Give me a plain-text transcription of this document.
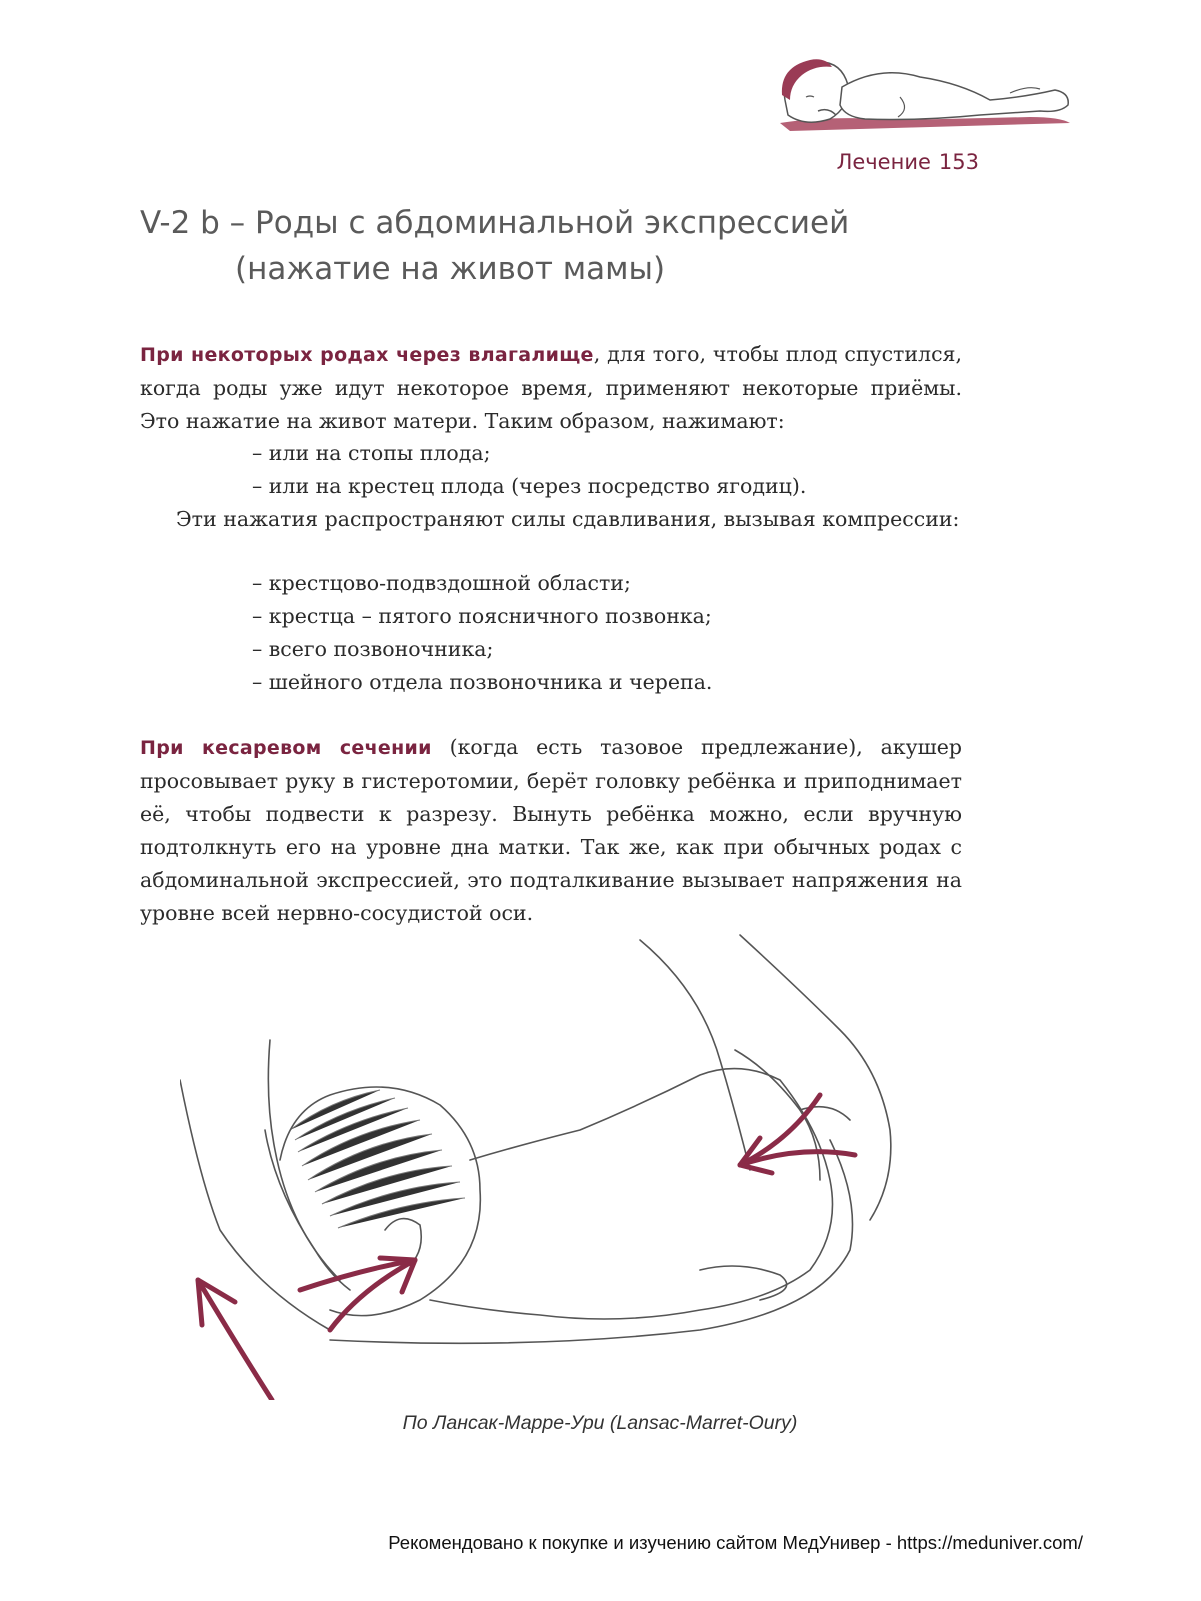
Лечение 153
V-2 b – Роды с абдоминальной экспрессией
(нажатие на живот мамы)

При некоторых родах через влагалище, для того, чтобы плод спустился, когда роды уже идут некоторое время, применяют некоторые приёмы. Это нажатие на живот матери. Таким образом, нажимают:

– или на стопы плода;
– или на крестец плода (через посредство ягодиц).

Эти нажатия распространяют силы сдавливания, вызывая компрессии:

– крестцово-подвздошной области;
– крестца – пятого поясничного позвонка;
– всего позвоночника;
– шейного отдела позвоночника и черепа.

При кесаревом сечении (когда есть тазовое предлежание), акушер просовывает руку в гистеротомии, берёт головку ребёнка и приподнимает её, чтобы подвести к разрезу. Вынуть ребёнка можно, если вручную подтолкнуть его на уровне дна матки. Так же, как при обычных родах с абдоминальной экспрессией, это подталкивание вызывает напряжения на уровне всей нервно-сосудистой оси.

По Лансак-Марре-Ури (Lansac-Marret-Oury)
Рекомендовано к покупке и изучению сайтом МедУнивер - https://meduniver.com/
